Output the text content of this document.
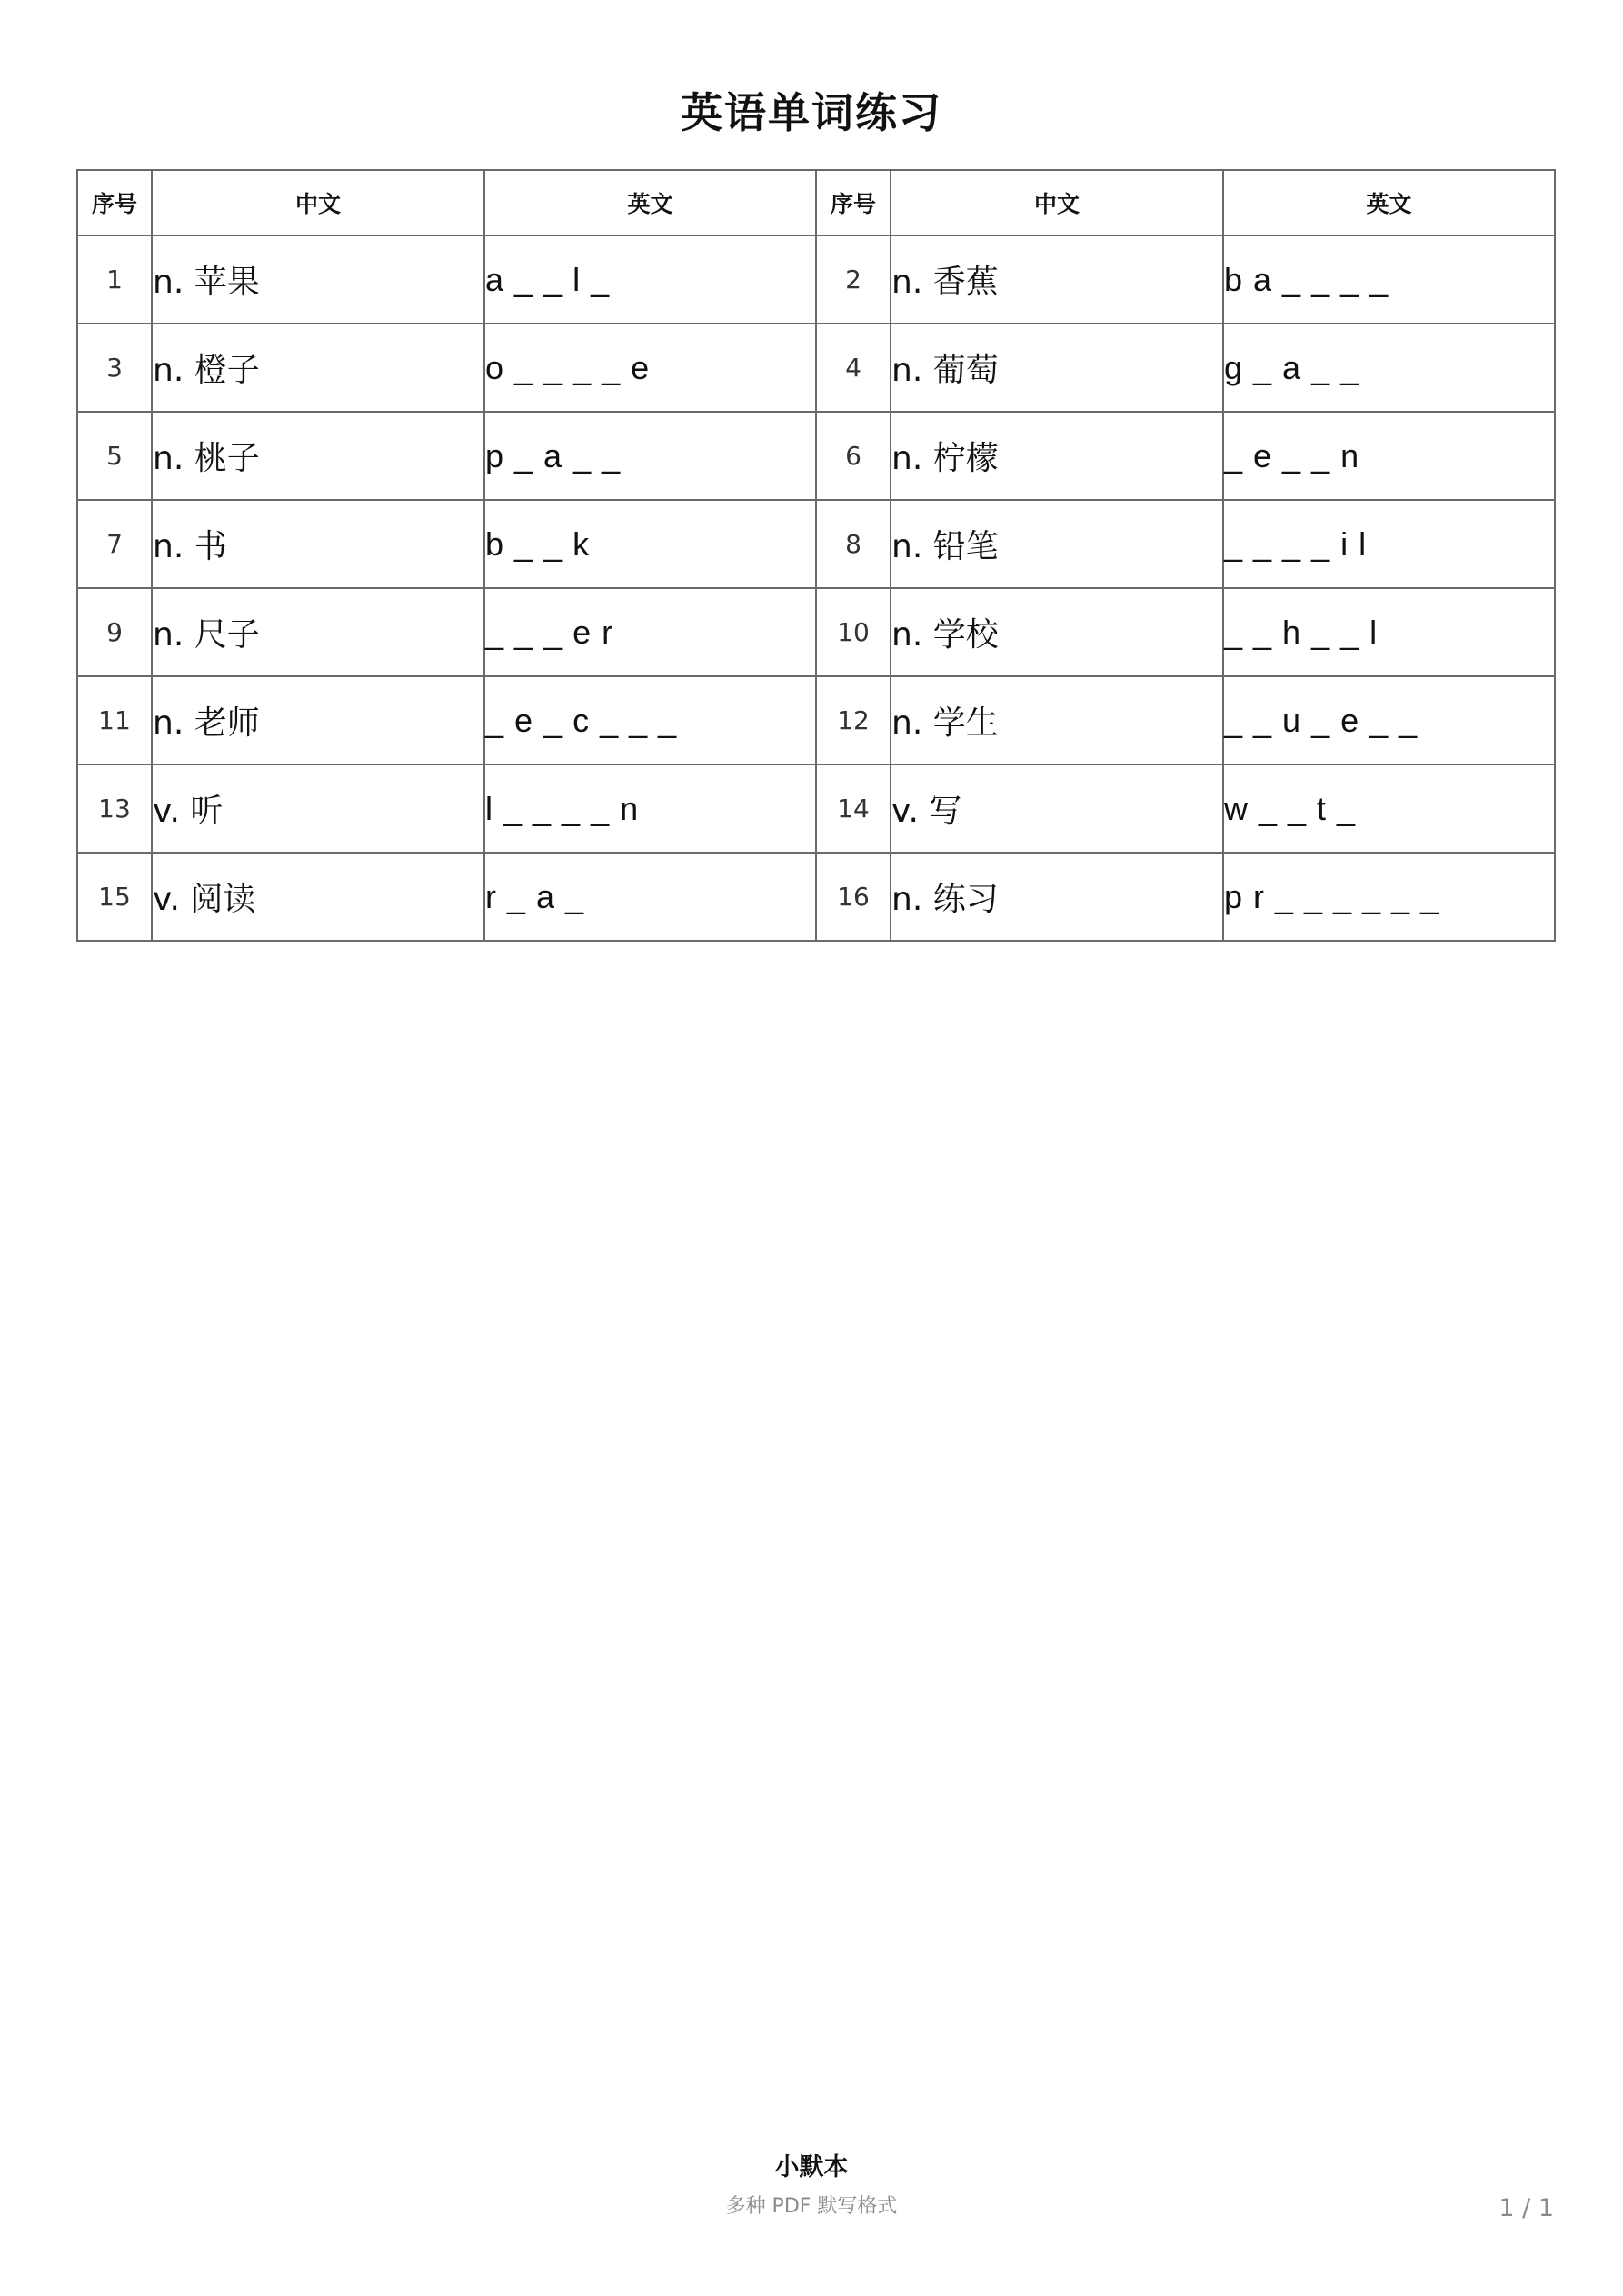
英语单词练习
序号	中文	英文	序号	中文	英文
1	n. 苹果	a _ _ l _	2	n. 香蕉	b a _ _ _ _
3	n. 橙子	o _ _ _ _ e	4	n. 葡萄	g _ a _ _
5	n. 桃子	p _ a _ _	6	n. 柠檬	_ e _ _ n
7	n. 书	b _ _ k	8	n. 铅笔	_ _ _ _ i l
9	n. 尺子	_ _ _ e r	10	n. 学校	_ _ h _ _ l
11	n. 老师	_ e _ c _ _ _	12	n. 学生	_ _ u _ e _ _
13	v. 听	l _ _ _ _ n	14	v. 写	w _ _ t _
15	v. 阅读	r _ a _	16	n. 练习	p r _ _ _ _ _ _
小默本
多种 PDF 默写格式	1 / 1
